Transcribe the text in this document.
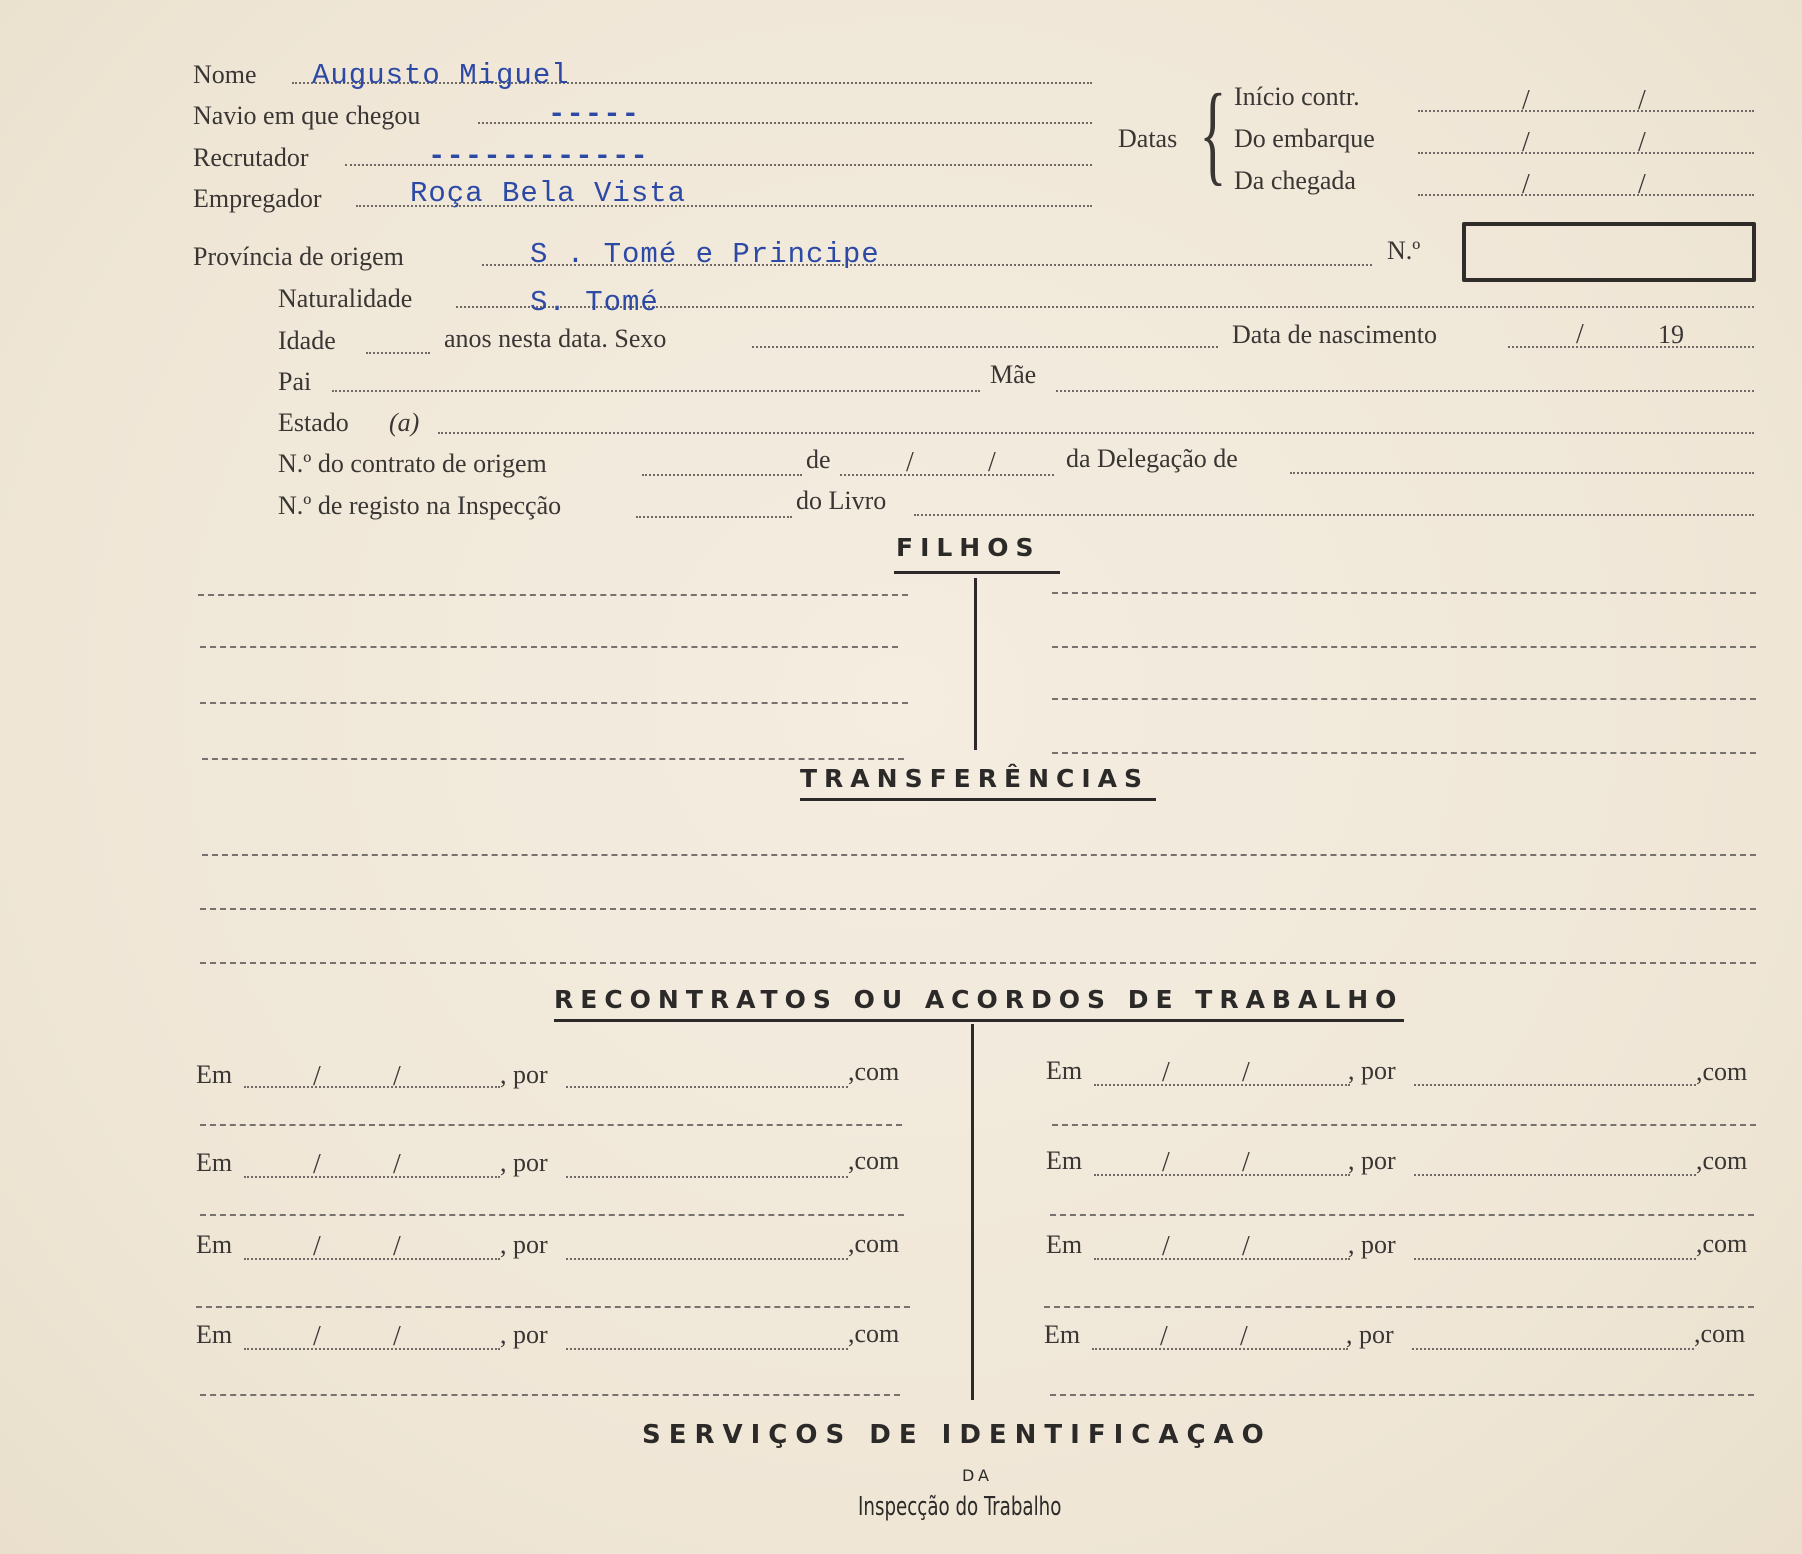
Nome Augusto Miguel
Navio em que chegou	-----
Recrutador	------------
Empregador	Roça Bela Vista
Datas { Início contr.	/	/
Do embarque	/	/
Da chegada	/	/
Província de origem	S . Tomé e Principe	N.º
Naturalidade	S. Tomé
Idade	anos nesta data. Sexo	Data de nascimento	/	19
Pai	Mãe
Estado (a)
N.º do contrato de origem	de	/	/	da Delegação de
N.º de registo na Inspecção	do Livro
FILHOS
TRANSFERÊNCIAS
RECONTRATOS OU ACORDOS DE TRABALHO
Em	/	/	, por	,com
Em	/	/	, por	,com
Em	/	/	, por	,com
Em	/	/	, por	,com
Em	/	/	, por	,com
Em	/	/	, por	,com
Em	/	/	, por	,com
Em	/	/	, por	,com
SERVIÇOS DE IDENTIFICAÇAO
DA
Inspecção do Trabalho
